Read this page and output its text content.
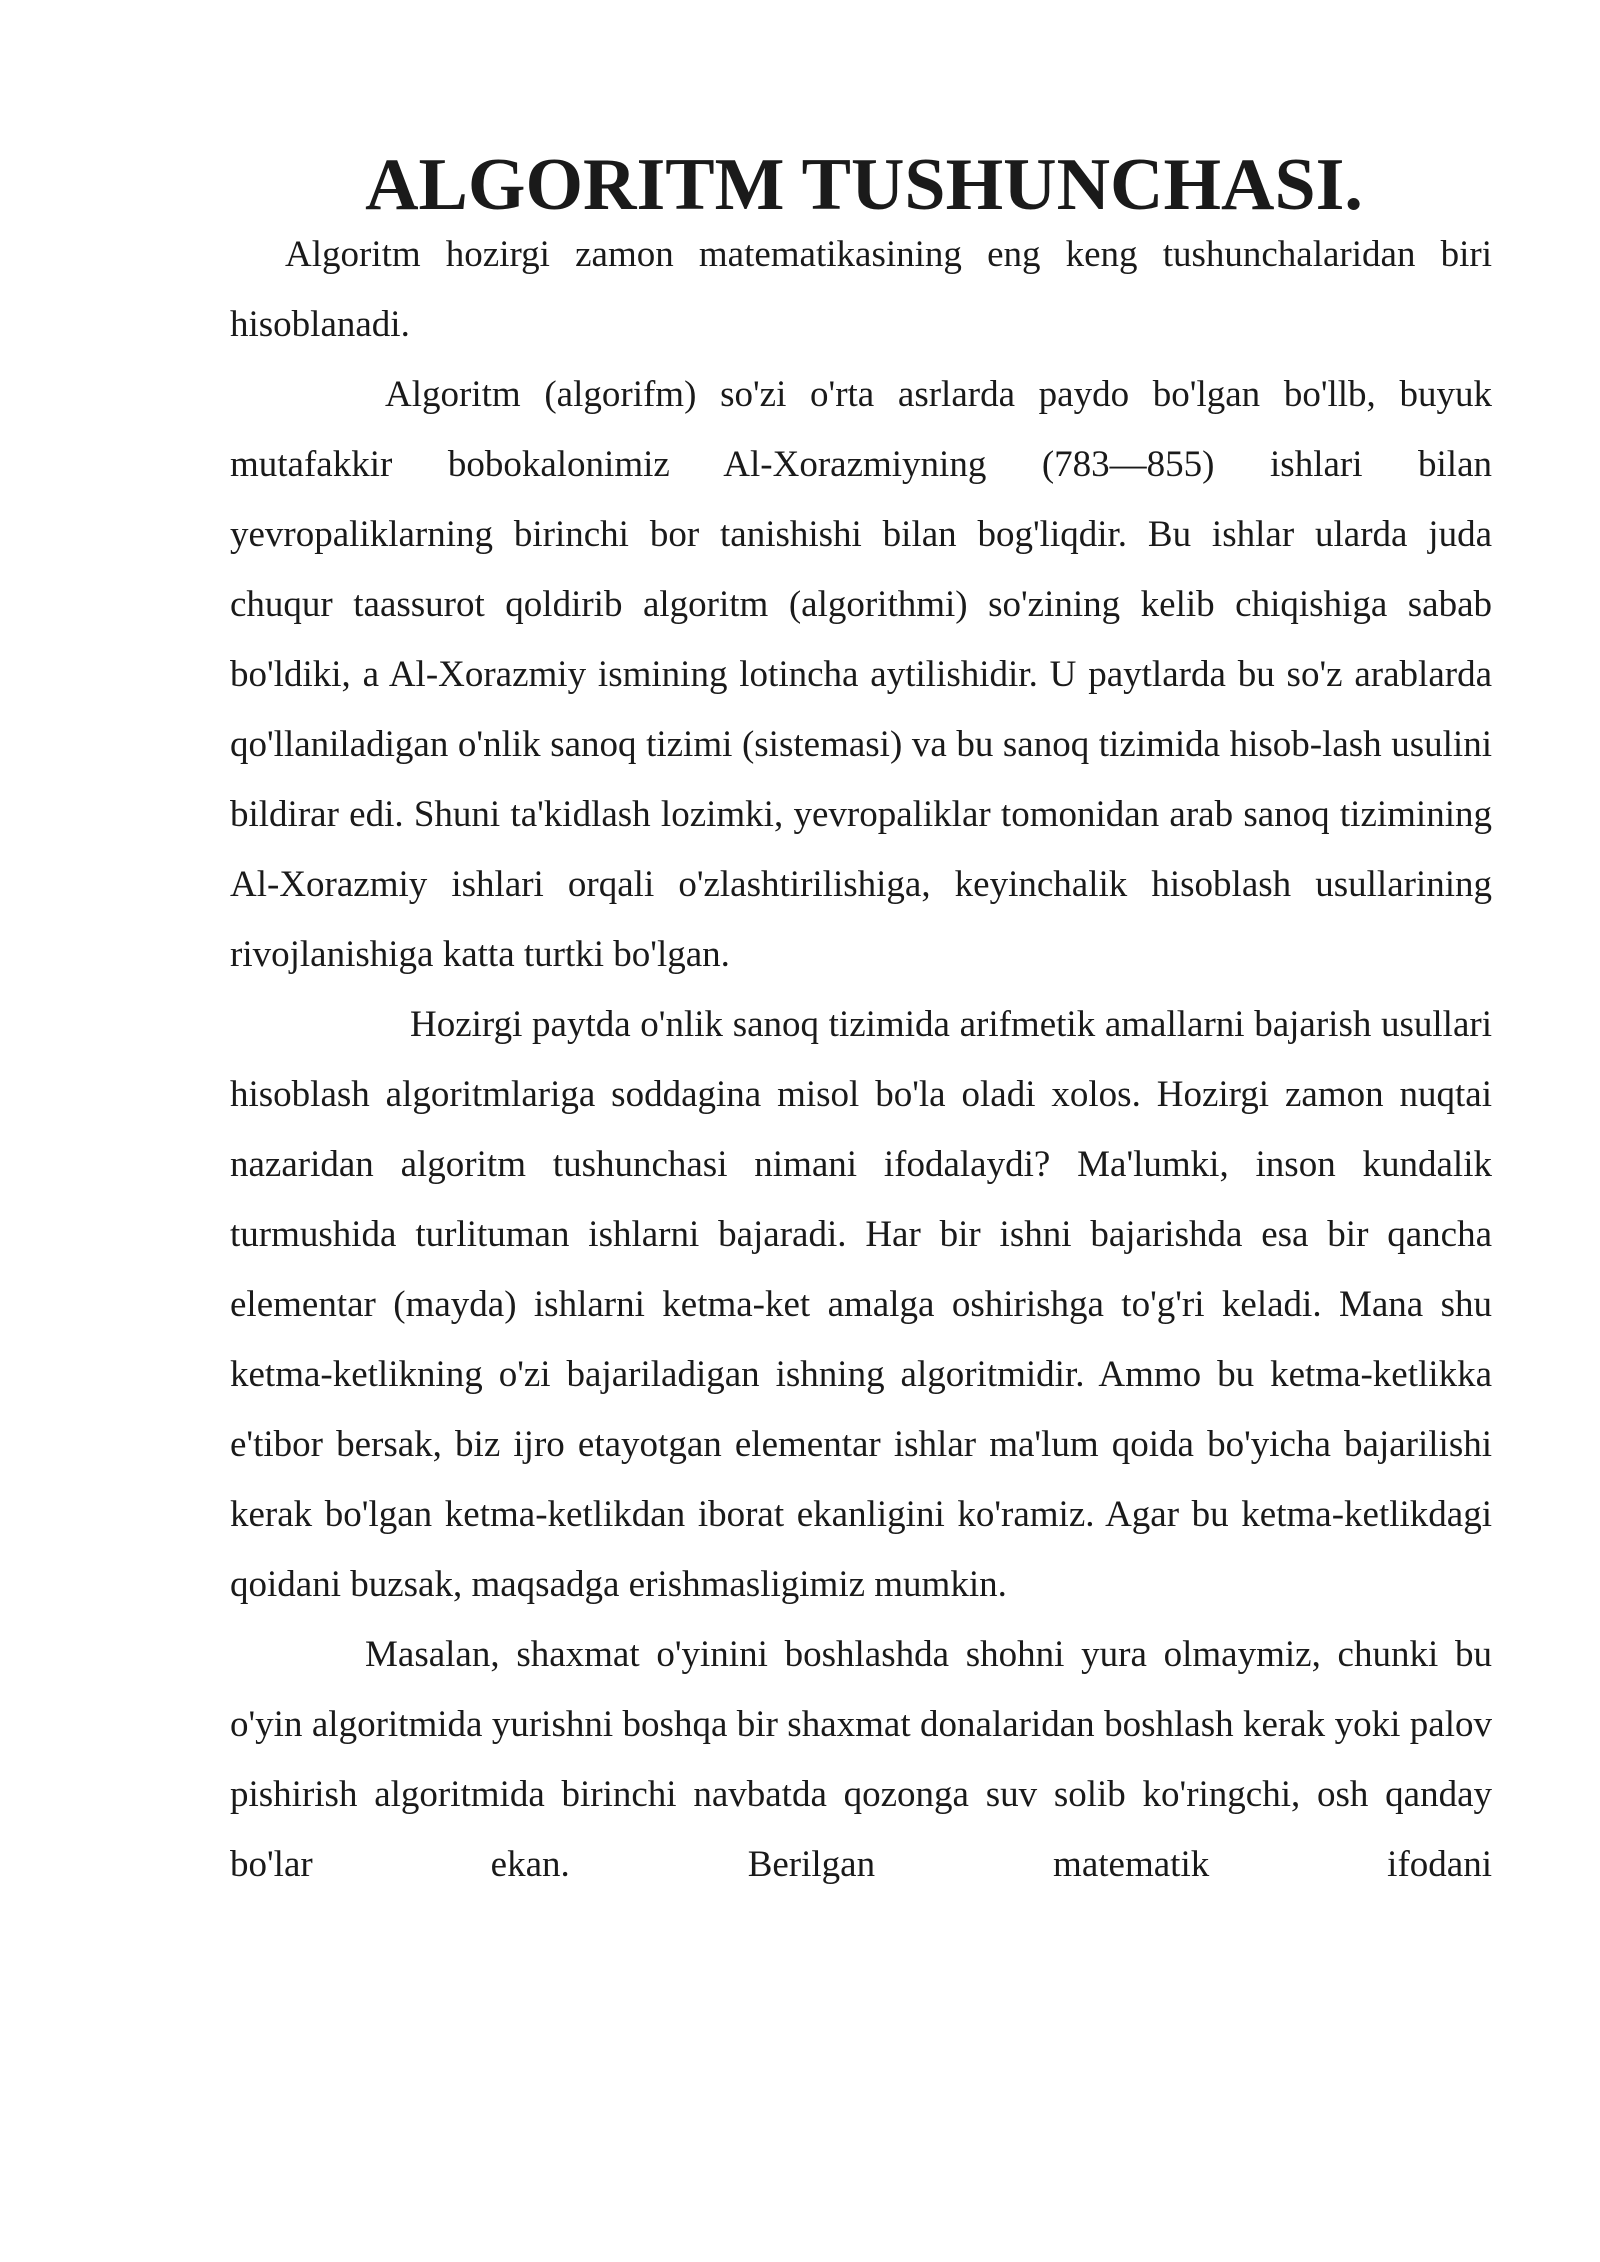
ALGORITM TUSHUNCHASI.

Algoritm hozirgi zamon matematikasining eng keng tushunchalaridan biri hisoblanadi.

Algoritm (algorifm) so'zi o'rta asrlarda paydo bo'lgan bo'llb, buyuk mutafakkir bobokalonimiz Al-Xorazmiyning (783—855) ishlari bilan yevropaliklarning birinchi bor tanishishi bilan bog'liqdir. Bu ishlar ularda juda chuqur taassurot qoldirib algoritm (algorithmi) so'zining kelib chiqishiga sabab bo'ldiki, a Al-Xorazmiy ismining lotincha aytilishidir. U paytlarda bu so'z arablarda qo'llaniladigan o'nlik sanoq tizimi (sistemasi) va bu sanoq tizimida hisob-lash usulini bildirar edi. Shuni ta'kidlash lozimki, yevropaliklar tomonidan arab sanoq tizimining Al-Xorazmiy ishlari orqali o'zlashtirilishiga, keyinchalik hisoblash usullarining rivojlanishiga katta turtki bo'lgan.

Hozirgi paytda o'nlik sanoq tizimida arifmetik amallarni bajarish usullari hisoblash algoritmlariga soddagina misol bo'la oladi xolos. Hozirgi zamon nuqtai nazaridan algoritm tushunchasi nimani ifodalaydi? Ma'lumki, inson kundalik turmushida turlituman ishlarni bajaradi. Har bir ishni bajarishda esa bir qancha elementar (mayda) ishlarni ketma-ket amalga oshirishga to'g'ri keladi. Mana shu ketma-ketlikning o'zi bajariladigan ishning algoritmidir. Ammo bu ketma-ketlikka e'tibor bersak, biz ijro etayotgan elementar ishlar ma'lum qoida bo'yicha bajarilishi kerak bo'lgan ketma-ketlikdan iborat ekanligini ko'ramiz. Agar bu ketma-ketlikdagi qoidani buzsak, maqsadga erishmasligimiz mumkin.

Masalan, shaxmat o'yinini boshlashda shohni yura olmaymiz, chunki bu o'yin algoritmida yurishni boshqa bir shaxmat donalaridan boshlash kerak yoki palov pishirish algoritmida birinchi navbatda qozonga suv solib ko'ringchi, osh qanday bo'lar ekan. Berilgan matematik ifodani
